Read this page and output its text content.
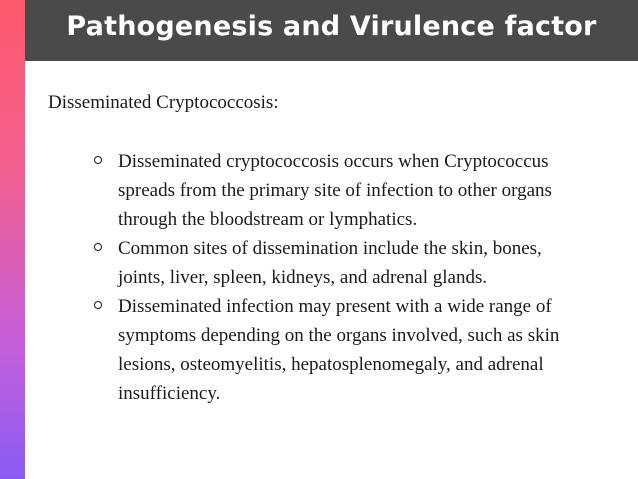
Pathogenesis and Virulence factor
Disseminated Cryptococcosis:
Disseminated cryptococcosis occurs when Cryptococcus spreads from the primary site of infection to other organs through the bloodstream or lymphatics.
Common sites of dissemination include the skin, bones, joints, liver, spleen, kidneys, and adrenal glands.
Disseminated infection may present with a wide range of symptoms depending on the organs involved, such as skin lesions, osteomyelitis, hepatosplenomegaly, and adrenal insufficiency.
